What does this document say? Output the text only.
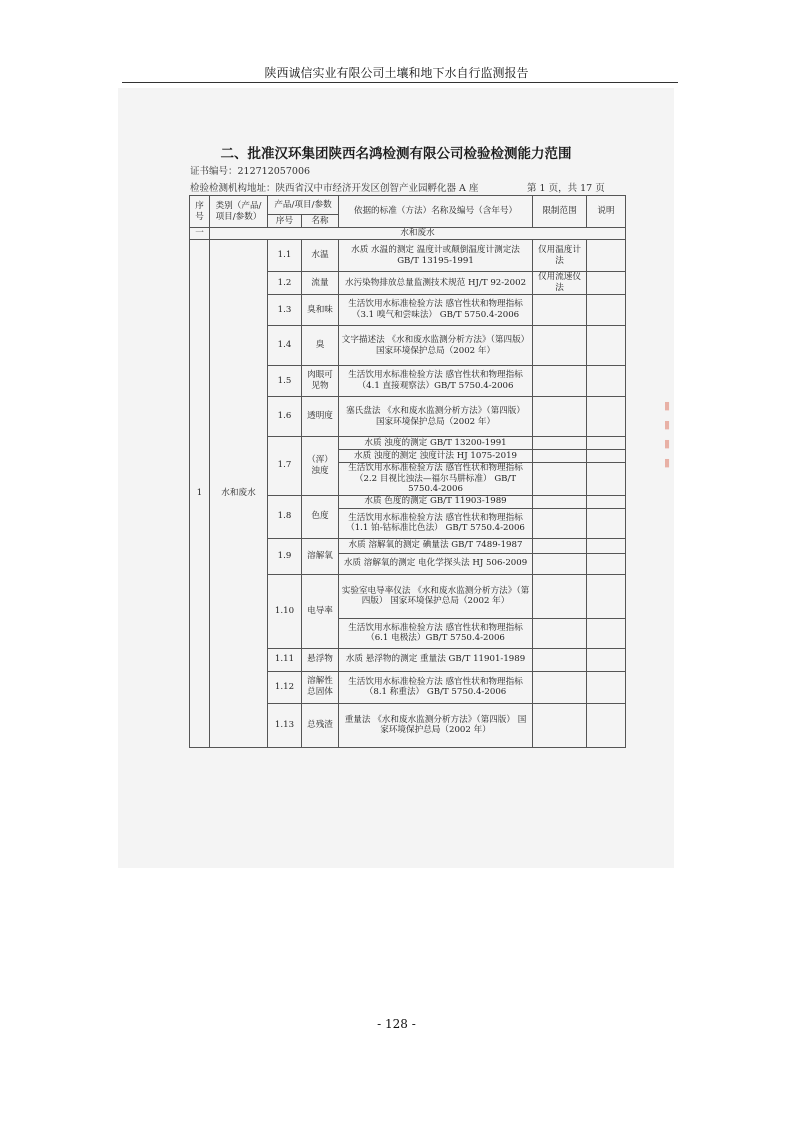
陕西诚信实业有限公司土壤和地下水自行监测报告
二、批准汉环集团陕西名鸿检测有限公司检验检测能力范围
证书编号：212712057006
检验检测机构地址：陕西省汉中市经济开发区创智产业园孵化器 A 座	第 1 页，共 17 页
序号	类别（产品/项目/参数）	产品/项目/参数		依据的标准（方法）名称及编号（含年号）	限制范围	说明
		序号	名称			
一	水和废水					
1	水和废水	1.1	水温	水质 水温的测定 温度计或颠倒温度计测定法 GB/T 13195-1991	仅用温度计法	
		1.2	流量	水污染物排放总量监测技术规范 HJ/T 92-2002	仅用流速仪法	
		1.3	臭和味	生活饮用水标准检验方法 感官性状和物理指标 （3.1 嗅气和尝味法） GB/T 5750.4-2006		
		1.4	臭	文字描述法 《水和废水监测分析方法》（第四版） 国家环境保护总局（2002 年）		
		1.5	肉眼可见物	生活饮用水标准检验方法 感官性状和物理指标 （4.1 直接观察法）GB/T 5750.4-2006		
		1.6	透明度	塞氏盘法 《水和废水监测分析方法》（第四版） 国家环境保护总局（2002 年）		
		1.7	（浑）浊度	水质 浊度的测定 GB/T 13200-1991		
				水质 浊度的测定 浊度计法 HJ 1075-2019		
				生活饮用水标准检验方法 感官性状和物理指标 （2.2 目视比浊法—福尔马肼标准） GB/T 5750.4-2006		
		1.8	色度	水质 色度的测定 GB/T 11903-1989		
				生活饮用水标准检验方法 感官性状和物理指标 （1.1 铂-钴标准比色法） GB/T 5750.4-2006		
		1.9	溶解氧	水质 溶解氧的测定 碘量法 GB/T 7489-1987		
				水质 溶解氧的测定 电化学探头法 HJ 506-2009		
		1.10	电导率	实验室电导率仪法 《水和废水监测分析方法》（第四版） 国家环境保护总局（2002 年）		
				生活饮用水标准检验方法 感官性状和物理指标 （6.1 电极法）GB/T 5750.4-2006		
		1.11	悬浮物	水质 悬浮物的测定 重量法 GB/T 11901-1989		
		1.12	溶解性总固体	生活饮用水标准检验方法 感官性状和物理指标 （8.1 称重法） GB/T 5750.4-2006		
		1.13	总残渣	重量法 《水和废水监测分析方法》（第四版） 国家环境保护总局（2002 年）		
▮
▮
▮
▮
- 128 -
